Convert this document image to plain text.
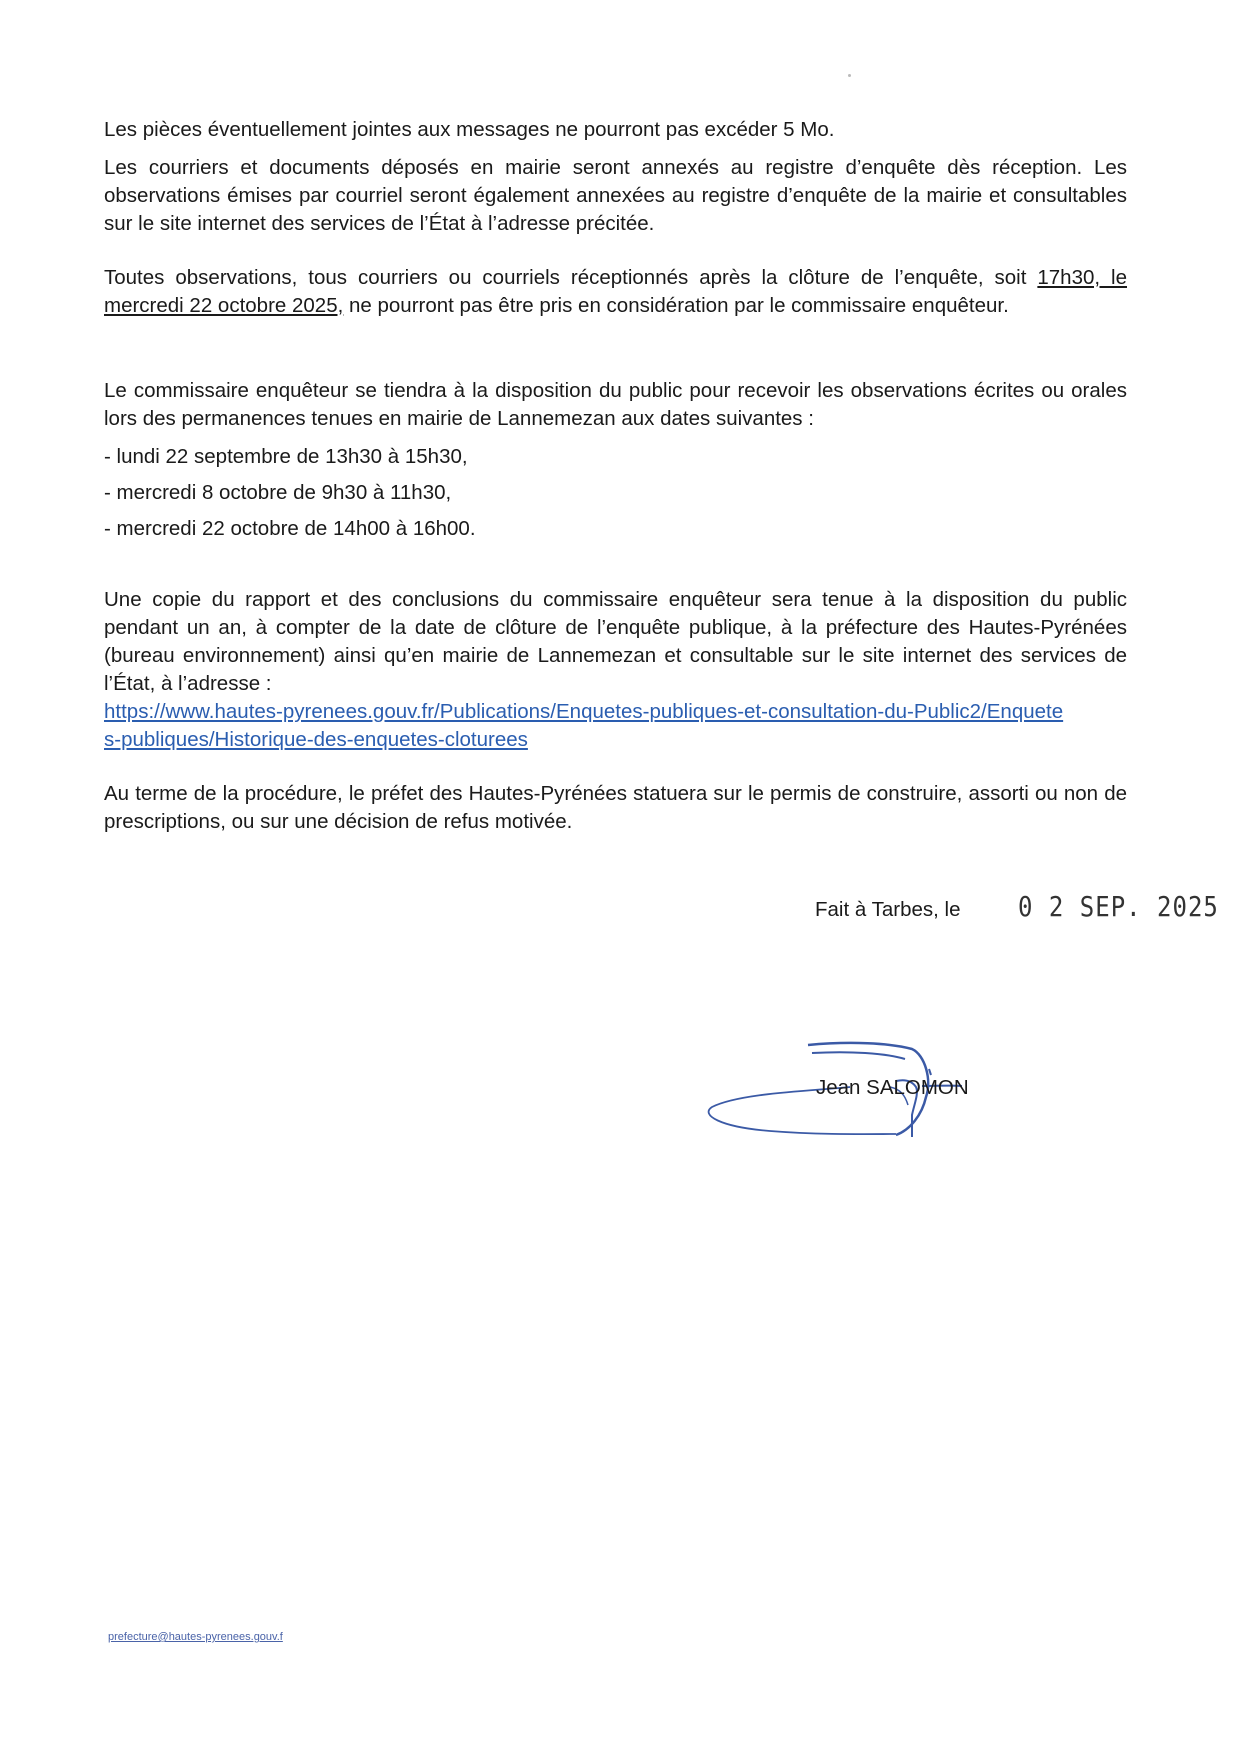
Les pièces éventuellement jointes aux messages ne pourront pas excéder 5 Mo.

Les courriers et documents déposés en mairie seront annexés au registre d’enquête dès réception. Les observations émises par courriel seront également annexées au registre d’enquête de la mairie et consultables sur le site internet des services de l’État à l’adresse précitée.

Toutes observations, tous courriers ou courriels réceptionnés après la clôture de l’enquête, soit 17h30, le mercredi 22 octobre 2025, ne pourront pas être pris en considération par le commissaire enquêteur.

Le commissaire enquêteur se tiendra à la disposition du public pour recevoir les observations écrites ou orales lors des permanences tenues en mairie de Lannemezan aux dates suivantes :

- lundi 22 septembre de 13h30 à 15h30,
- mercredi 8 octobre de 9h30 à 11h30,
- mercredi 22 octobre de 14h00 à 16h00.

Une copie du rapport et des conclusions du commissaire enquêteur sera tenue à la disposition du public pendant un an, à compter de la date de clôture de l’enquête publique, à la préfecture des Hautes-Pyrénées (bureau environnement) ainsi qu’en mairie de Lannemezan et consultable sur le site internet des services de l’État, à l’adresse :

https://www.hautes-pyrenees.gouv.fr/Publications/Enquetes-publiques-et-consultation-du-Public2/Enquetes-publiques/Historique-des-enquetes-cloturees

Au terme de la procédure, le préfet des Hautes-Pyrénées statuera sur le permis de construire, assorti ou non de prescriptions, ou sur une décision de refus motivée.

Fait à Tarbes, le 0 2 SEP. 2025
Jean SALOMON

prefecture@hautes-pyrenees.gouv.f
